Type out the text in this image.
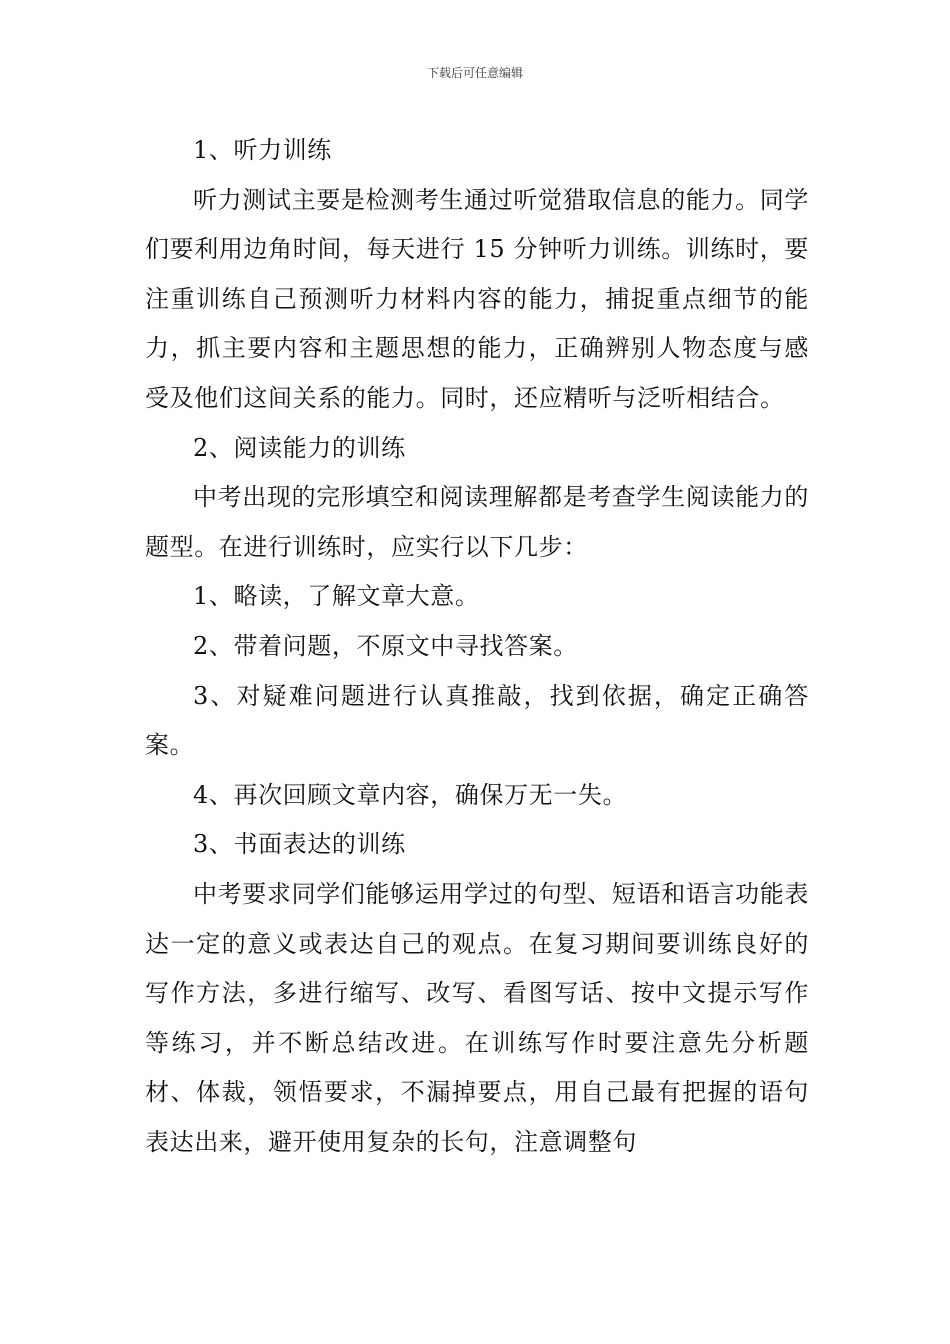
下载后可任意编辑

1、听力训练

听力测试主要是检测考生通过听觉猎取信息的能力。同学们要利用边角时间，每天进行 15 分钟听力训练。训练时，要注重训练自己预测听力材料内容的能力，捕捉重点细节的能力，抓主要内容和主题思想的能力，正确辨别人物态度与感受及他们这间关系的能力。同时，还应精听与泛听相结合。

2、阅读能力的训练

中考出现的完形填空和阅读理解都是考查学生阅读能力的题型。在进行训练时，应实行以下几步：

1、略读，了解文章大意。

2、带着问题，不原文中寻找答案。

3、对疑难问题进行认真推敲，找到依据，确定正确答案。

4、再次回顾文章内容，确保万无一失。

3、书面表达的训练

中考要求同学们能够运用学过的句型、短语和语言功能表达一定的意义或表达自己的观点。在复习期间要训练良好的写作方法，多进行缩写、改写、看图写话、按中文提示写作等练习，并不断总结改进。在训练写作时要注意先分析题材、体裁，领悟要求，不漏掉要点，用自己最有把握的语句表达出来，避开使用复杂的长句，注意调整句
